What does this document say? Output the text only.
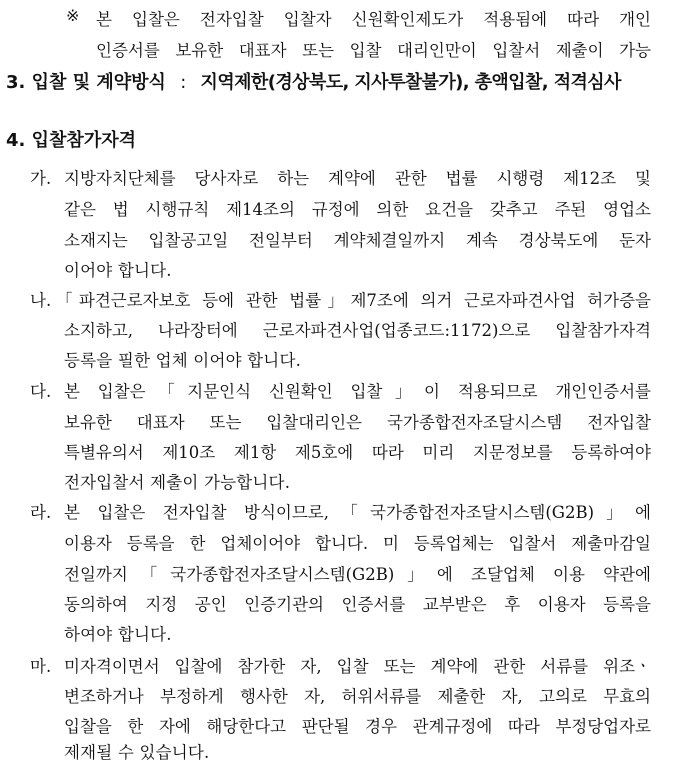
※ 본 입찰은 전자입찰 입찰자 신원확인제도가 적용됨에 따라 개인
인증서를 보유한 대표자 또는 입찰 대리인만이 입찰서 제출이 가능
3. 입찰 및 계약방식 : 지역제한(경상북도, 지사투찰불가), 총액입찰, 적격심사
4. 입찰참가자격
가. 지방자치단체를 당사자로 하는 계약에 관한 법률 시행령 제12조 및
같은 법 시행규칙 제14조의 규정에 의한 요건을 갖추고 주된 영업소
소재지는 입찰공고일 전일부터 계약체결일까지 계속 경상북도에 둔자
이어야 합니다.
나. 「파견근로자보호 등에 관한 법률」제7조에 의거 근로자파견사업 허가증을
소지하고, 나라장터에 근로자파견사업(업종코드:1172)으로 입찰참가자격
등록을 필한 업체 이어야 합니다.
다. 본 입찰은「지문인식 신원확인 입찰」이 적용되므로 개인인증서를
보유한 대표자 또는 입찰대리인은 국가종합전자조달시스템 전자입찰
특별유의서 제10조 제1항 제5호에 따라 미리 지문정보를 등록하여야
전자입찰서 제출이 가능합니다.
라. 본 입찰은 전자입찰 방식이므로,「국가종합전자조달시스템(G2B)」에
이용자 등록을 한 업체이어야 합니다. 미 등록업체는 입찰서 제출마감일
전일까지「국가종합전자조달시스템(G2B)」에 조달업체 이용 약관에
동의하여 지정 공인 인증기관의 인증서를 교부받은 후 이용자 등록을
하여야 합니다.
마. 미자격이면서 입찰에 참가한 자, 입찰 또는 계약에 관한 서류를 위조ㆍ
변조하거나 부정하게 행사한 자, 허위서류를 제출한 자, 고의로 무효의
입찰을 한 자에 해당한다고 판단될 경우 관계규정에 따라 부정당업자로
제재될 수 있습니다.
